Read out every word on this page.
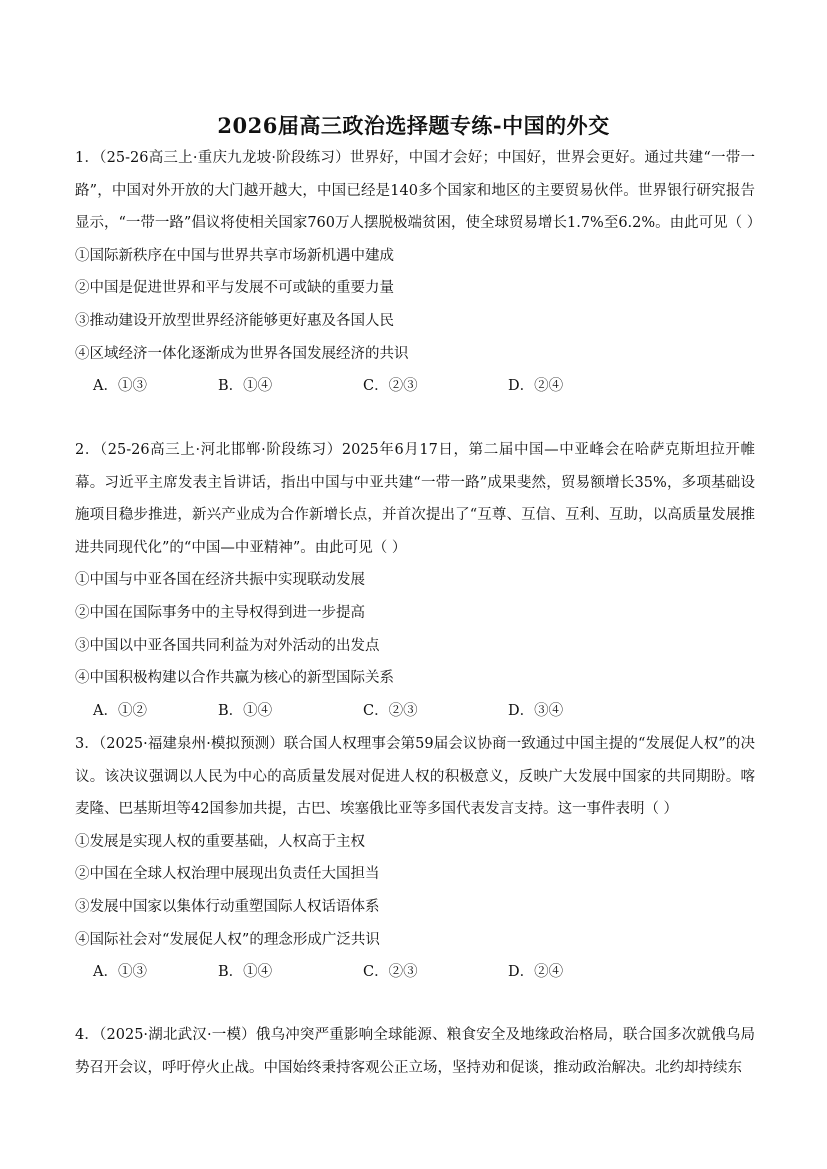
2026届高三政治选择题专练-中国的外交

1．（25-26高三上·重庆九龙坡·阶段练习）世界好，中国才会好；中国好，世界会更好。通过共建“一带一路”，中国对外开放的大门越开越大，中国已经是140多个国家和地区的主要贸易伙伴。世界银行研究报告显示，“一带一路”倡议将使相关国家760万人摆脱极端贫困，使全球贸易增长1.7%至6.2%。由此可见（ ）

①国际新秩序在中国与世界共享市场新机遇中建成

②中国是促进世界和平与发展不可或缺的重要力量

③推动建设开放型世界经济能够更好惠及各国人民

④区域经济一体化逐渐成为世界各国发展经济的共识

A．①③	B．①④	C．②③	D．②④

2．（25-26高三上·河北邯郸·阶段练习）2025年6月17日，第二届中国—中亚峰会在哈萨克斯坦拉开帷幕。习近平主席发表主旨讲话，指出中国与中亚共建“一带一路”成果斐然，贸易额增长35%，多项基础设施项目稳步推进，新兴产业成为合作新增长点，并首次提出了“互尊、互信、互利、互助，以高质量发展推进共同现代化”的“中国—中亚精神”。由此可见（ ）

①中国与中亚各国在经济共振中实现联动发展

②中国在国际事务中的主导权得到进一步提高

③中国以中亚各国共同利益为对外活动的出发点

④中国积极构建以合作共赢为核心的新型国际关系

A．①②	B．①④	C．②③	D．③④

3．（2025·福建泉州·模拟预测）联合国人权理事会第59届会议协商一致通过中国主提的“发展促人权”的决议。该决议强调以人民为中心的高质量发展对促进人权的积极意义，反映广大发展中国家的共同期盼。喀麦隆、巴基斯坦等42国参加共提，古巴、埃塞俄比亚等多国代表发言支持。这一事件表明（ ）

①发展是实现人权的重要基础，人权高于主权

②中国在全球人权治理中展现出负责任大国担当

③发展中国家以集体行动重塑国际人权话语体系

④国际社会对“发展促人权”的理念形成广泛共识

A．①③	B．①④	C．②③	D．②④

4．（2025·湖北武汉·一模）俄乌冲突严重影响全球能源、粮食安全及地缘政治格局，联合国多次就俄乌局势召开会议，呼吁停火止战。中国始终秉持客观公正立场，坚持劝和促谈，推动政治解决。北约却持续东
